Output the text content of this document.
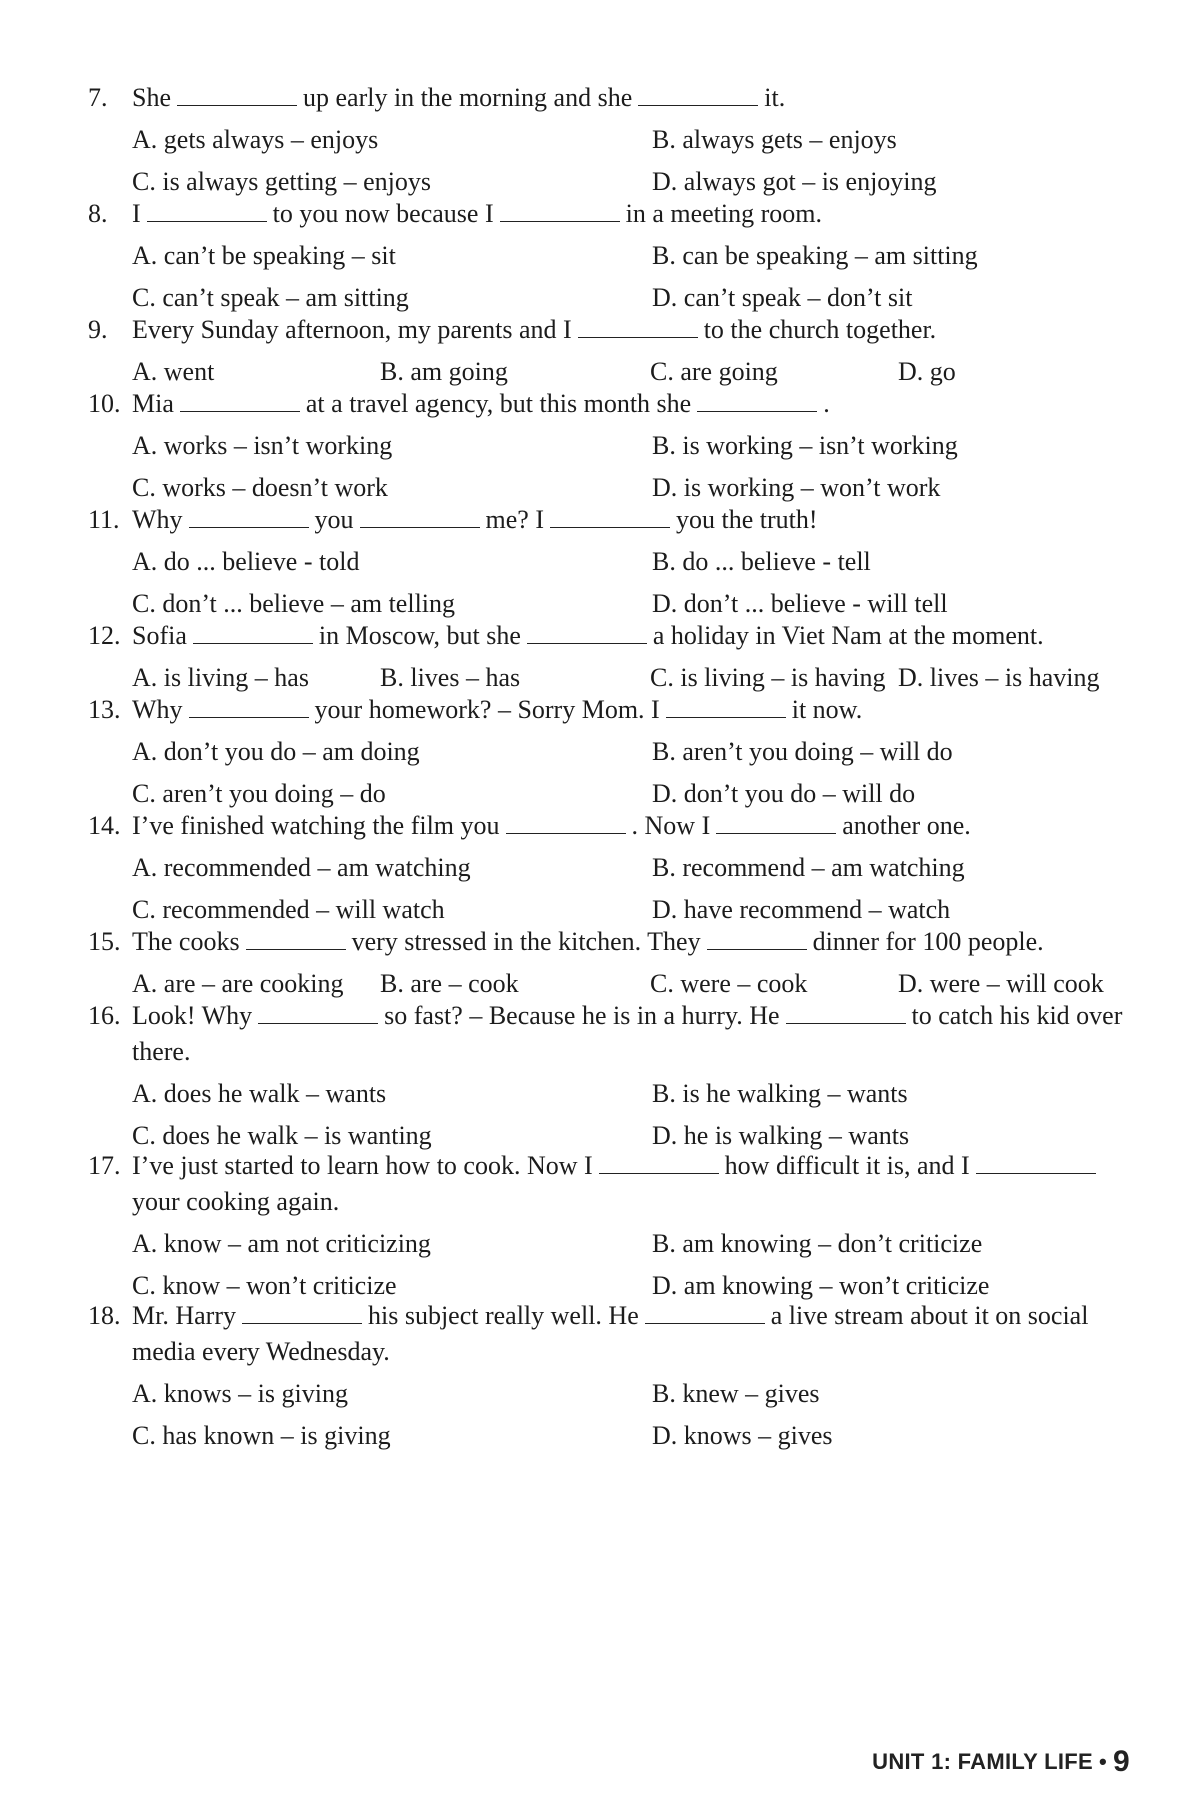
7. She	up early in the morning and she	it.
A. gets always – enjoys	B. always gets – enjoys
C. is always getting – enjoys	D. always got – is enjoying
8. I	to you now because I	in a meeting room.
A. can’t be speaking – sit	B. can be speaking – am sitting
C. can’t speak – am sitting	D. can’t speak – don’t sit
9. Every Sunday afternoon, my parents and I	to the church together.
A. went	B. am going	C. are going	D. go
10. Mia	at a travel agency, but this month she	.
A. works – isn’t working	B. is working – isn’t working
C. works – doesn’t work	D. is working – won’t work
11. Why	you	me? I	you the truth!
A. do ... believe - told	B. do ... believe - tell
C. don’t ... believe – am telling	D. don’t ... believe - will tell
12. Sofia	in Moscow, but she	a holiday in Viet Nam at the moment.
A. is living – has	B. lives – has	C. is living – is having D. lives – is having
13. Why	your homework? – Sorry Mom. I	it now.
A. don’t you do – am doing	B. aren’t you doing – will do
C. aren’t you doing – do	D. don’t you do – will do
14. I’ve finished watching the film you	. Now I	another one.
A. recommended – am watching	B. recommend – am watching
C. recommended – will watch	D. have recommend – watch
15. The cooks	very stressed in the kitchen. They	dinner for 100 people.
A. are – are cooking	B. are – cook	C. were – cook	D. were – will cook
16. Look! Why	so fast? – Because he is in a hurry. He	to catch his kid over there.
A. does he walk – wants	B. is he walking – wants
C. does he walk – is wanting	D. he is walking – wants
17. I’ve just started to learn how to cook. Now I	how difficult it is, and Iyour cooking again.
A. know – am not criticizing	B. am knowing – don’t criticize
C. know – won’t criticize	D. am knowing – won’t criticize
18. Mr. Harry	his subject really well. He	a live stream about it on social media every Wednesday.
A. knows – is giving	B. knew – gives
C. has known – is giving	D. knows – gives
UNIT 1: FAMILY LIFE • 9
